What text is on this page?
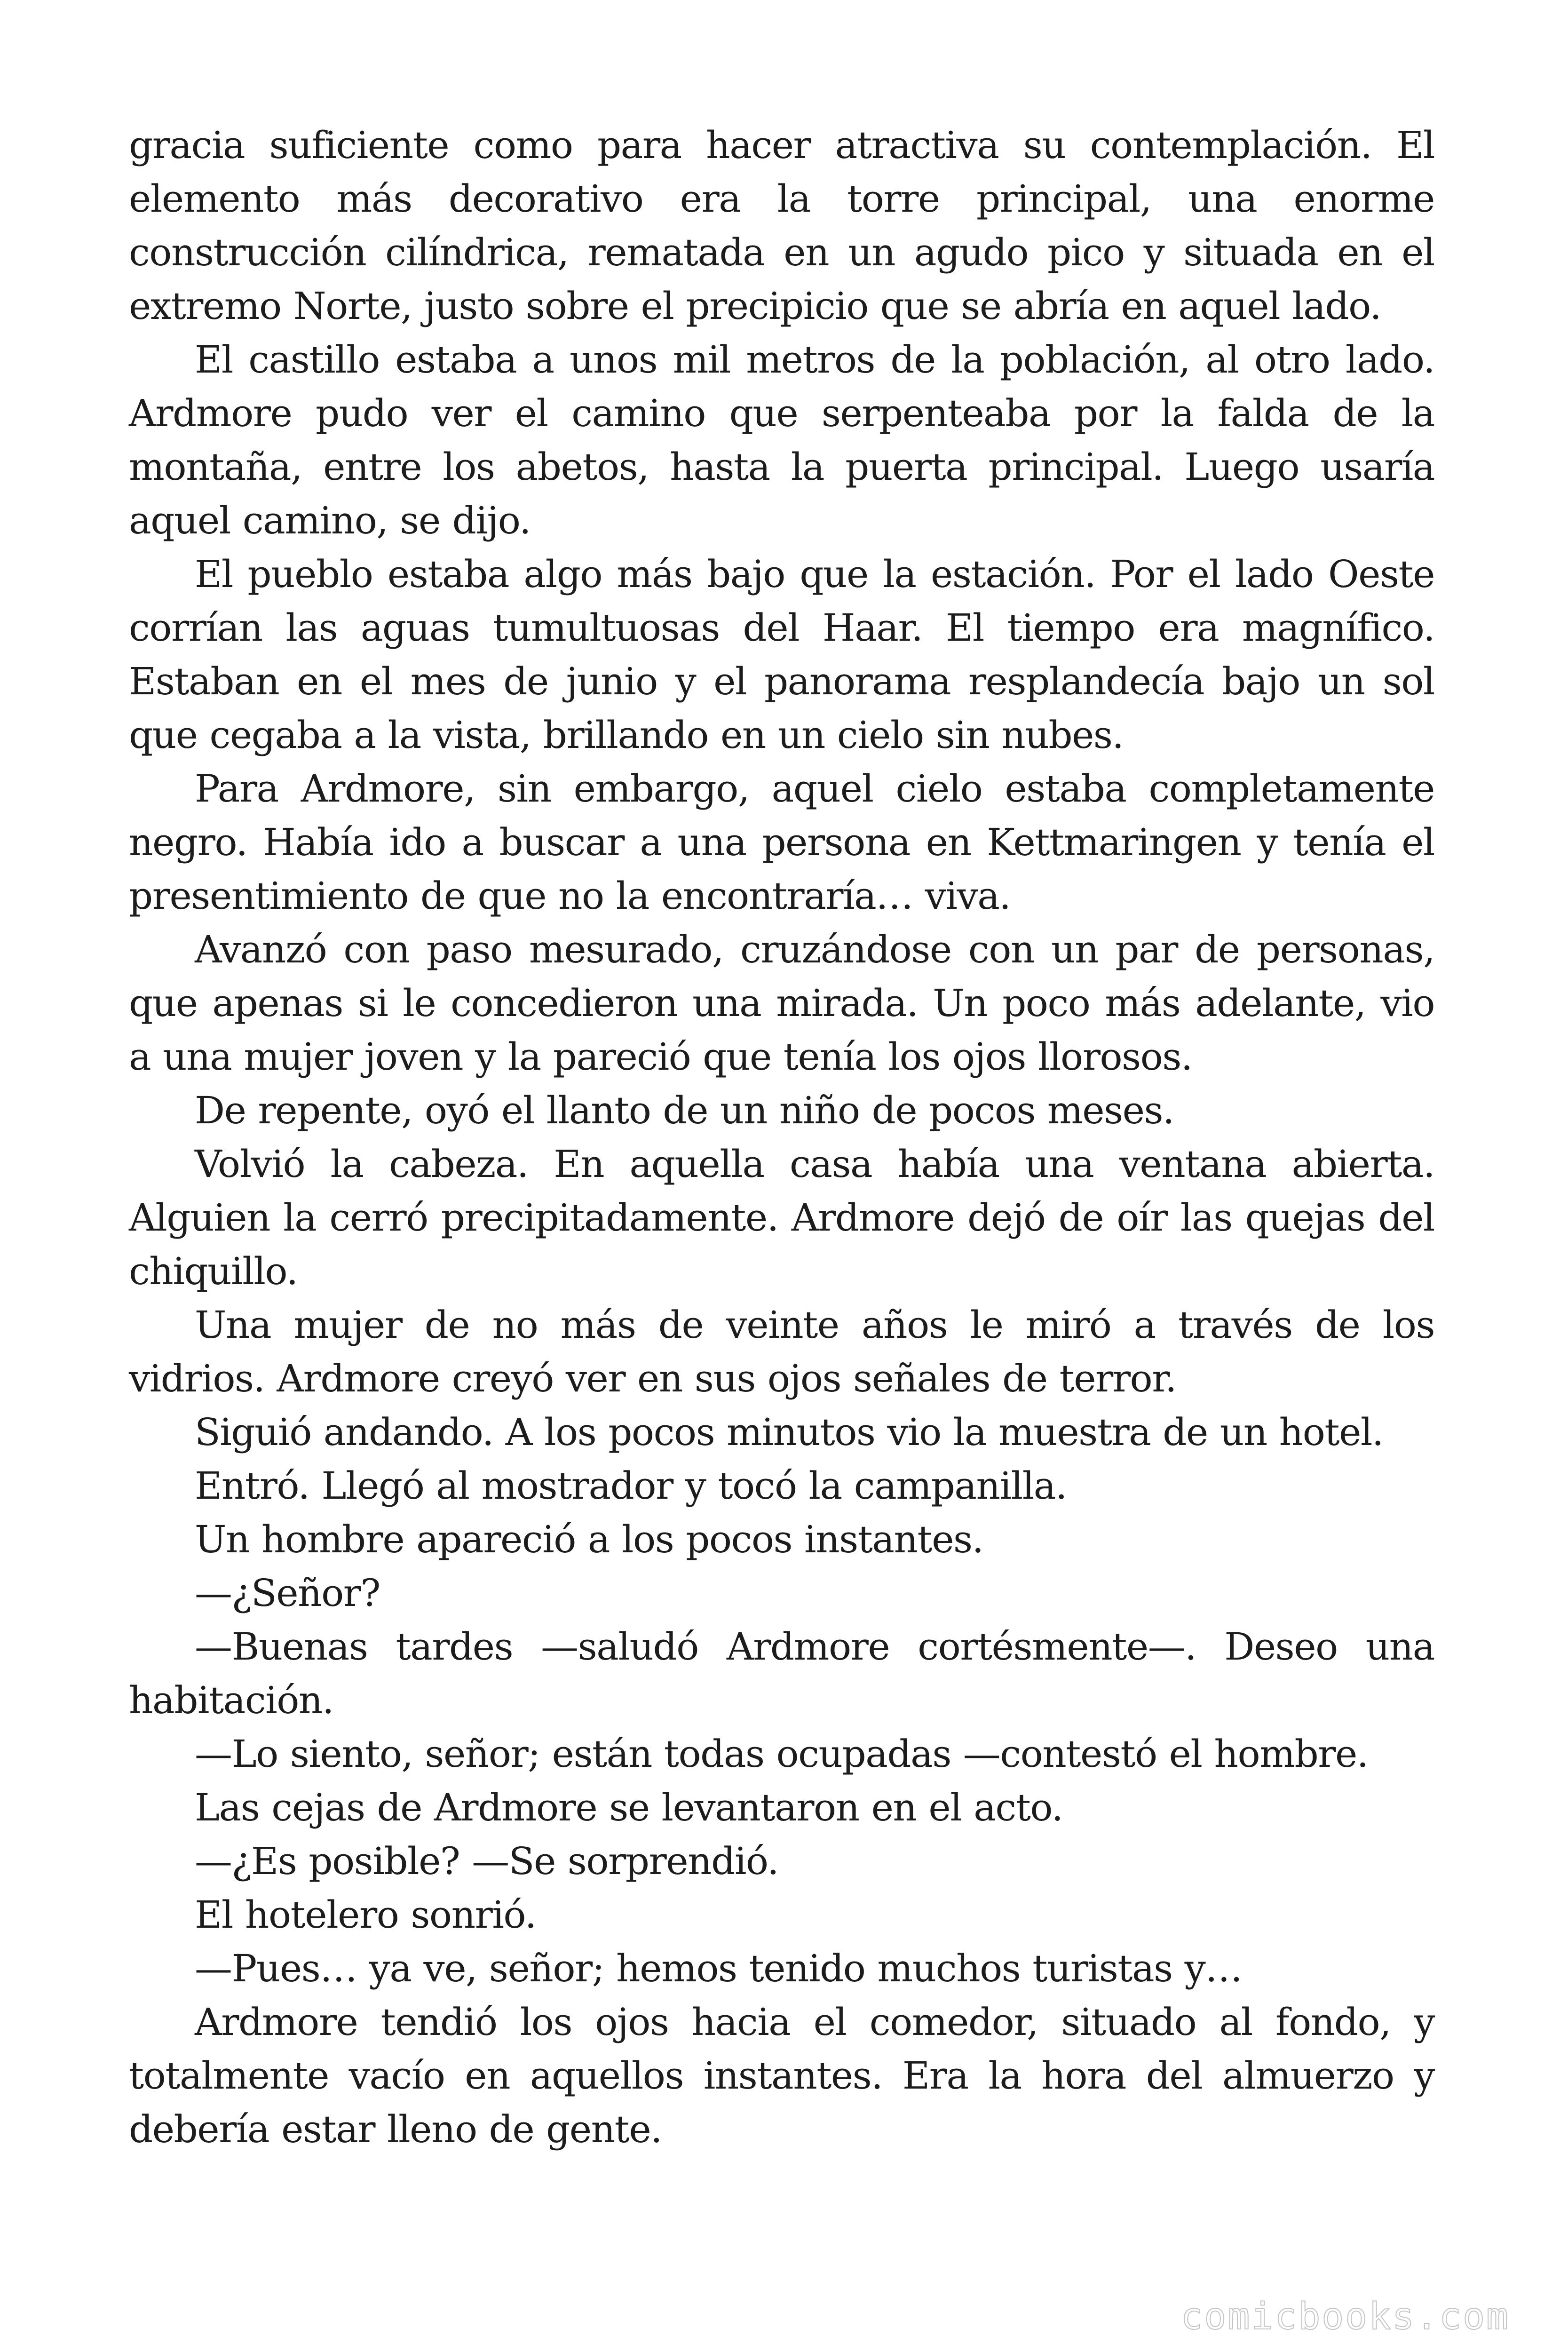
gracia suficiente como para hacer atractiva su contemplación. El elemento más decorativo era la torre principal, una enorme construcción cilíndrica, rematada en un agudo pico y situada en el extremo Norte, justo sobre el precipicio que se abría en aquel lado.

El castillo estaba a unos mil metros de la población, al otro lado. Ardmore pudo ver el camino que serpenteaba por la falda de la montaña, entre los abetos, hasta la puerta principal. Luego usaría aquel camino, se dijo.

El pueblo estaba algo más bajo que la estación. Por el lado Oeste corrían las aguas tumultuosas del Haar. El tiempo era magnífico. Estaban en el mes de junio y el panorama resplandecía bajo un sol que cegaba a la vista, brillando en un cielo sin nubes.

Para Ardmore, sin embargo, aquel cielo estaba completamente negro. Había ido a buscar a una persona en Kettmaringen y tenía el presentimiento de que no la encontraría… viva.

Avanzó con paso mesurado, cruzándose con un par de personas, que apenas si le concedieron una mirada. Un poco más adelante, vio a una mujer joven y la pareció que tenía los ojos llorosos.

De repente, oyó el llanto de un niño de pocos meses.

Volvió la cabeza. En aquella casa había una ventana abierta. Alguien la cerró precipitadamente. Ardmore dejó de oír las quejas del chiquillo.

Una mujer de no más de veinte años le miró a través de los vidrios. Ardmore creyó ver en sus ojos señales de terror.

Siguió andando. A los pocos minutos vio la muestra de un hotel.

Entró. Llegó al mostrador y tocó la campanilla.

Un hombre apareció a los pocos instantes.

—¿Señor?

—Buenas tardes —saludó Ardmore cortésmente—. Deseo una habitación.

—Lo siento, señor; están todas ocupadas —contestó el hombre.

Las cejas de Ardmore se levantaron en el acto.

—¿Es posible? —Se sorprendió.

El hotelero sonrió.

—Pues… ya ve, señor; hemos tenido muchos turistas y…

Ardmore tendió los ojos hacia el comedor, situado al fondo, y totalmente vacío en aquellos instantes. Era la hora del almuerzo y debería estar lleno de gente.

comicbooks.com
